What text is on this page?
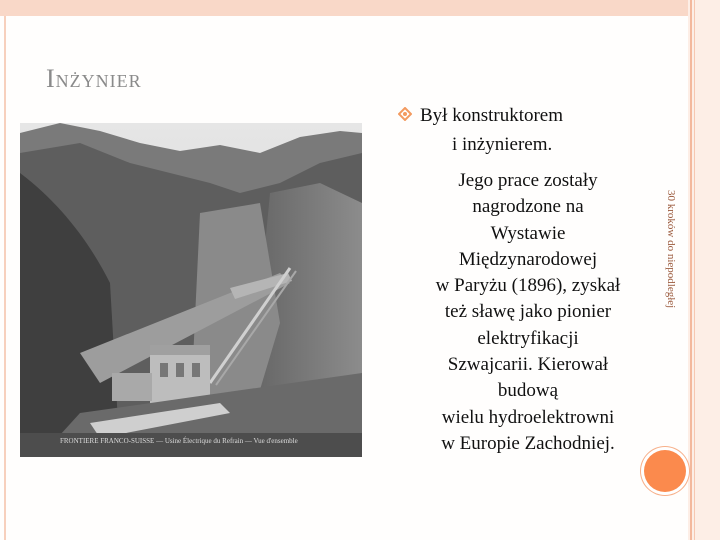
Inżynier
FRONTIERE FRANCO-SUISSE — Usine Électrique du Refrain — Vue d'ensemble
Był konstruktorem
i inżynierem.
Jego prace zostały
nagrodzone na
Wystawie
Międzynarodowej
w Paryżu (1896), zyskał
też sławę jako pionier
elektryfikacji
Szwajcarii. Kierował
budową
wielu hydroelektrowni
w Europie Zachodniej.
30 kroków do niepodległej
